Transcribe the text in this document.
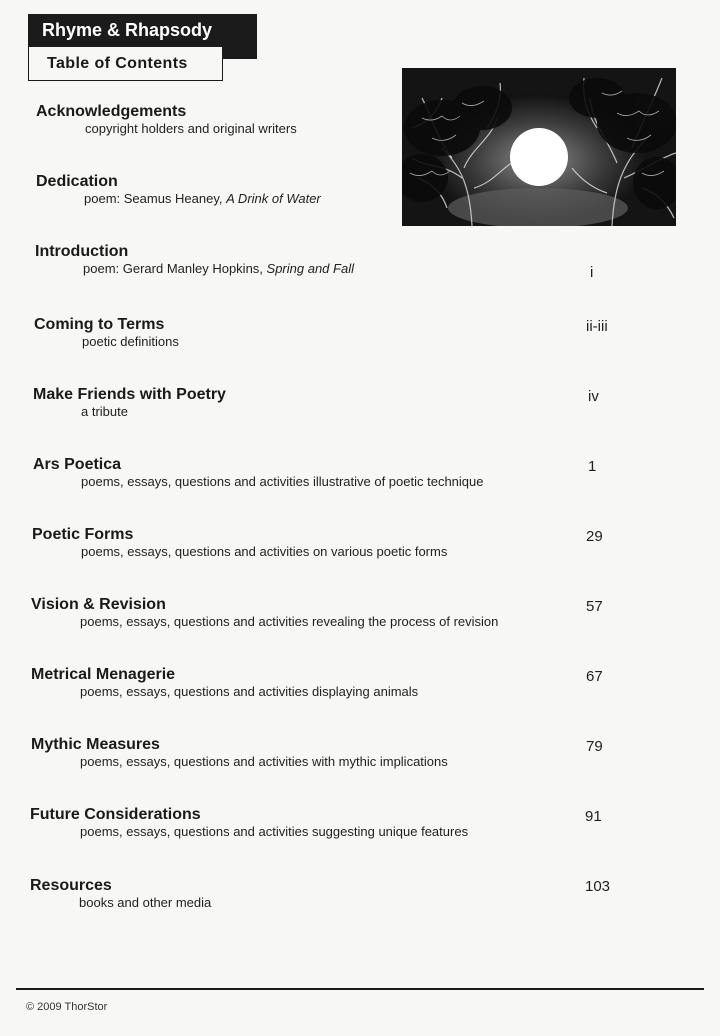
Rhyme & Rhapsody
Table of Contents
Acknowledgements
copyright holders and original writers
Dedication
poem: Seamus Heaney, A Drink of Water
Introduction
poem: Gerard Manley Hopkins, Spring and Fall	i
Coming to Terms
poetic definitions
ii-iii
Make Friends with Poetry
a tribute
iv
Ars Poetica
poems, essays, questions and activities illustrative of poetic technique
1
Poetic Forms
poems, essays, questions and activities on various poetic forms
29
Vision & Revision
poems, essays, questions and activities revealing the process of revision
57
Metrical Menagerie
poems, essays, questions and activities displaying animals
67
Mythic Measures
poems, essays, questions and activities with mythic implications
79
Future Considerations
poems, essays, questions and activities suggesting unique features
91
Resources
books and other media
103
© 2009 ThorStor
